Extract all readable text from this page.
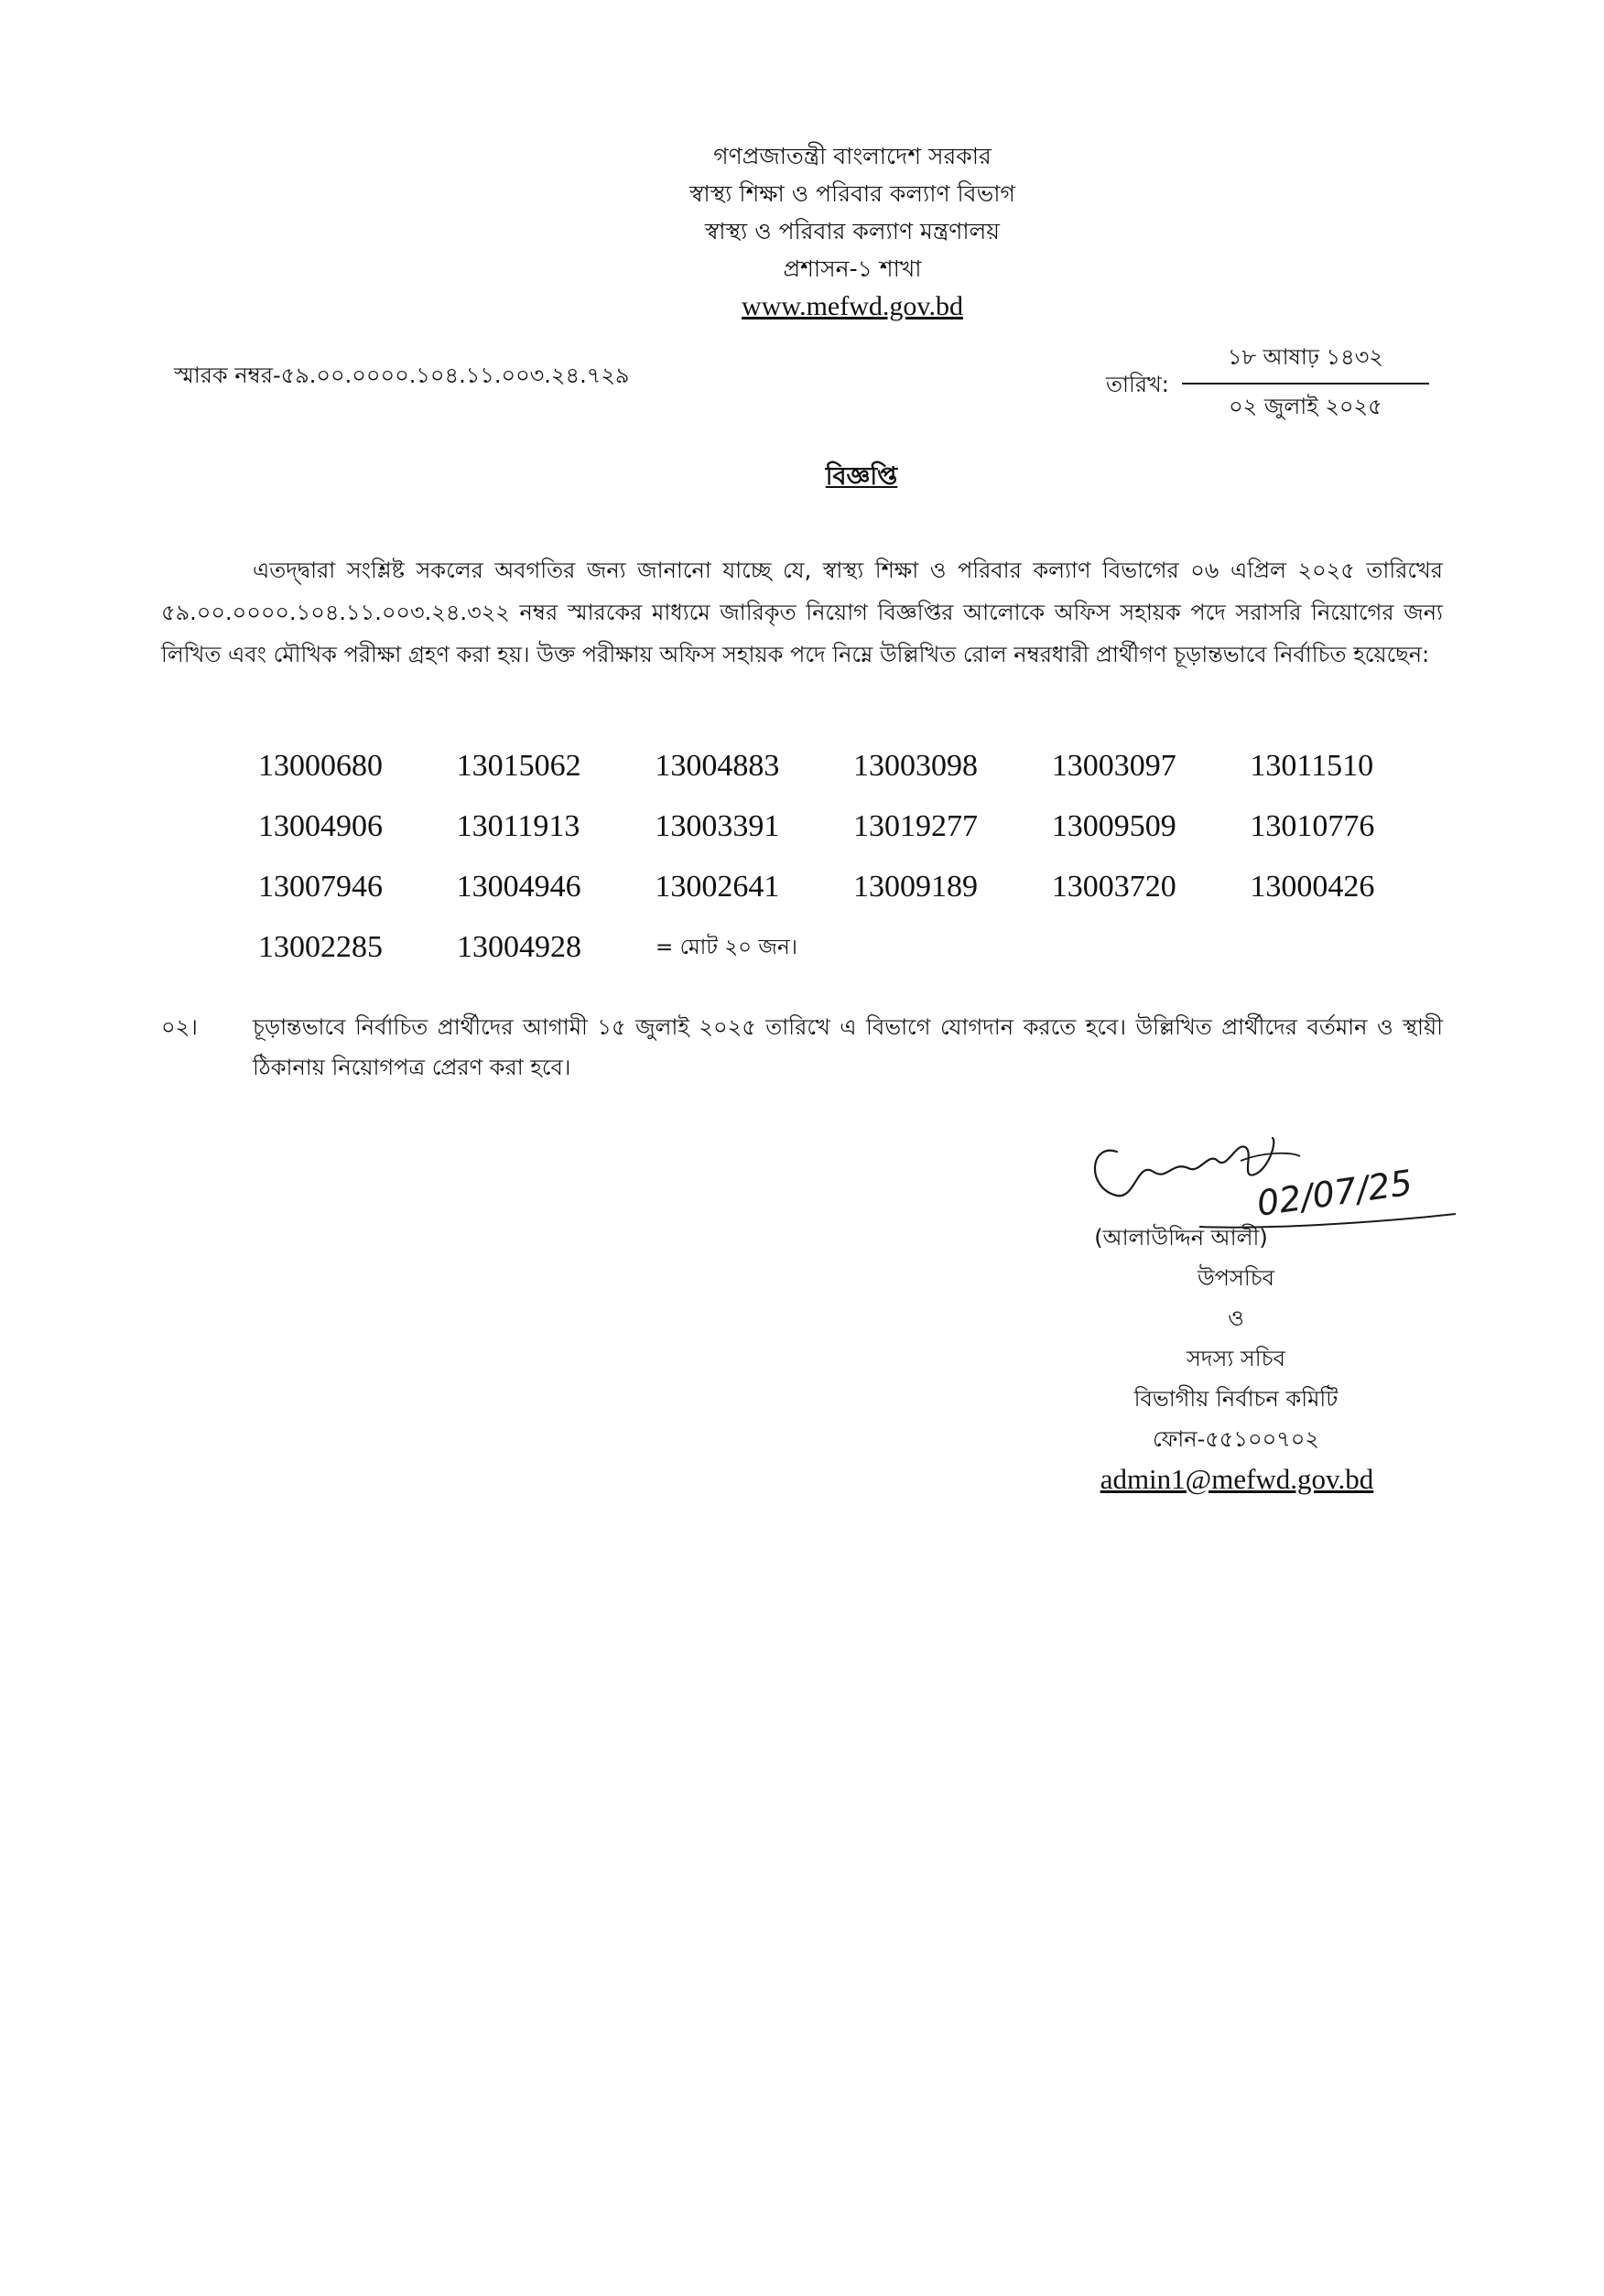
গণপ্রজাতন্ত্রী বাংলাদেশ সরকার
স্বাস্থ্য শিক্ষা ও পরিবার কল্যাণ বিভাগ
স্বাস্থ্য ও পরিবার কল্যাণ মন্ত্রণালয়
প্রশাসন-১ শাখা
www.mefwd.gov.bd
স্মারক নম্বর-৫৯.০০.০০০০.১০৪.১১.০০৩.২৪.৭২৯	তারিখ:
১৮ আষাঢ় ১৪৩২
০২ জুলাই ২০২৫
বিজ্ঞপ্তি
এতদ্দ্বারা সংশ্লিষ্ট সকলের অবগতির জন্য জানানো যাচ্ছে যে, স্বাস্থ্য শিক্ষা ও পরিবার কল্যাণ বিভাগের ০৬ এপ্রিল ২০২৫ তারিখের ৫৯.০০.০০০০.১০৪.১১.০০৩.২৪.৩২২ নম্বর স্মারকের মাধ্যমে জারিকৃত নিয়োগ বিজ্ঞপ্তির আলোকে অফিস সহায়ক পদে সরাসরি নিয়োগের জন্য লিখিত এবং মৌখিক পরীক্ষা গ্রহণ করা হয়। উক্ত পরীক্ষায় অফিস সহায়ক পদে নিম্নে উল্লিখিত রোল নম্বরধারী প্রার্থীগণ চূড়ান্তভাবে নির্বাচিত হয়েছেন:
13000680	13015062	13004883	13003098	13003097	13011510
13004906	13011913	13003391	13019277	13009509	13010776
13007946	13004946	13002641	13009189	13003720	13000426
13002285	13004928	= মোট ২০ জন।
০২।	চূড়ান্তভাবে নির্বাচিত প্রার্থীদের আগামী ১৫ জুলাই ২০২৫ তারিখে এ বিভাগে যোগদান করতে হবে। উল্লিখিত প্রার্থীদের বর্তমান ও স্থায়ী ঠিকানায় নিয়োগপত্র প্রেরণ করা হবে।
02/07/25
(আলাউদ্দিন আলী)
উপসচিব
ও
সদস্য সচিব
বিভাগীয় নির্বাচন কমিটি
ফোন-৫৫১০০৭০২
admin1@mefwd.gov.bd
